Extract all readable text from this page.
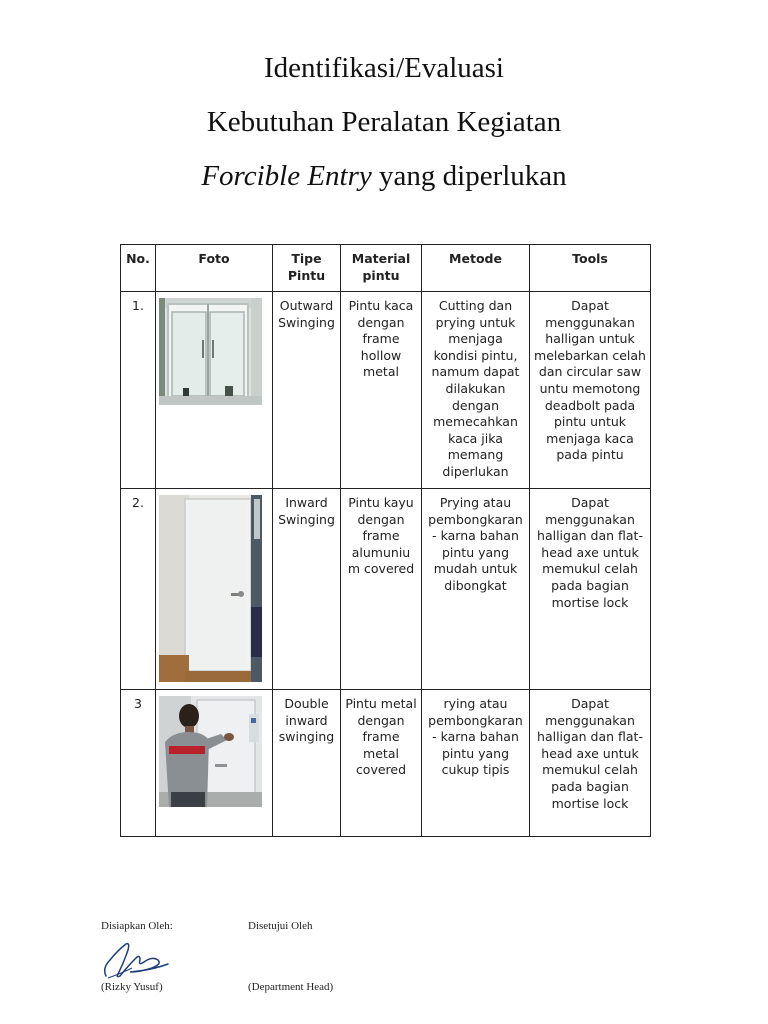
Identifikasi/Evaluasi
Kebutuhan Peralatan Kegiatan
Forcible Entry yang diperlukan
No.	Foto	Tipe Pintu	Material pintu	Metode	Tools
1.		Outward Swinging	Pintu kaca dengan frame hollow metal	Cutting dan prying untuk menjaga kondisi pintu, namum dapat dilakukan dengan memecahkan kaca jika memang diperlukan	Dapat menggunakan halligan untuk melebarkan celah dan circular saw untu memotong deadbolt pada pintu untuk menjaga kaca pada pintu
2.		Inward Swinging	Pintu kayu dengan frame alumuniu m covered	Prying atau pembongkaran - karna bahan pintu yang mudah untuk dibongkat	Dapat menggunakan halligan dan flat-head axe untuk memukul celah pada bagian mortise lock
3		Double inward swinging	Pintu metal dengan frame metal covered	rying atau pembongkaran - karna bahan pintu yang cukup tipis	Dapat menggunakan halligan dan flat-head axe untuk memukul celah pada bagian mortise lock
Disiapkan Oleh:	Disetujui Oleh
(Rizky Yusuf)	(Department Head)
